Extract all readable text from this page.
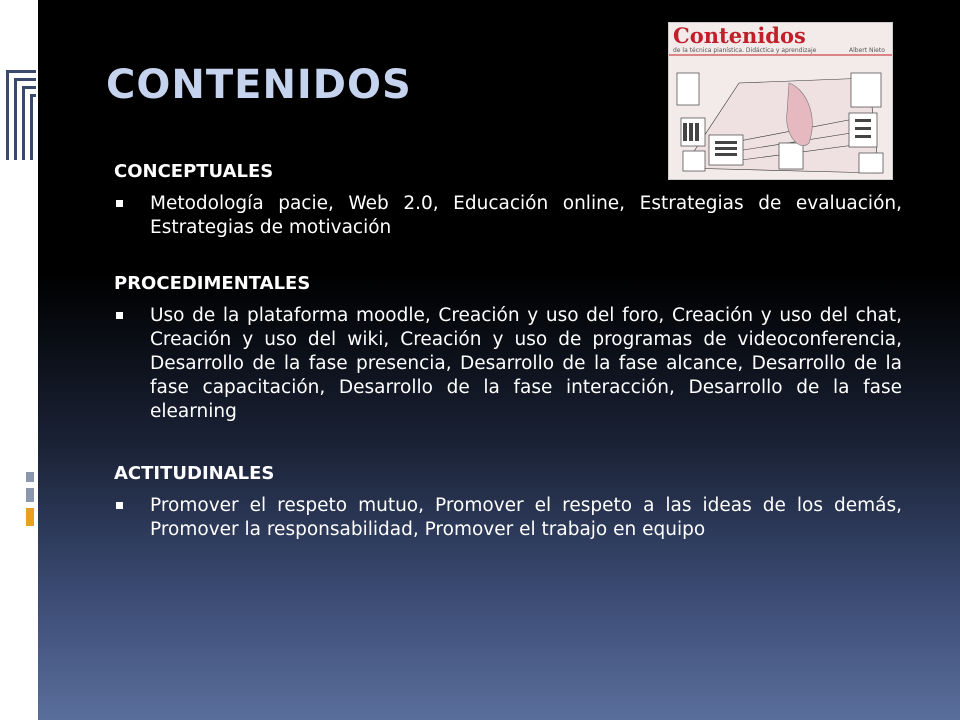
CONTENIDOS
Contenidos
de la técnica pianística. Didáctica y aprendizaje	Albert Nieto

CONCEPTUALES

Metodología pacie, Web 2.0, Educación online, Estrategias de evaluación, Estrategias de motivación

PROCEDIMENTALES

Uso de la plataforma moodle, Creación y uso del foro, Creación y uso del chat, Creación y uso del wiki, Creación y uso de programas de videoconferencia, Desarrollo de la fase presencia, Desarrollo de la fase alcance, Desarrollo de la fase capacitación, Desarrollo de la fase interacción, Desarrollo de la fase elearning

ACTITUDINALES

Promover el respeto mutuo, Promover el respeto a las ideas de los demás, Promover la responsabilidad, Promover el trabajo en equipo
